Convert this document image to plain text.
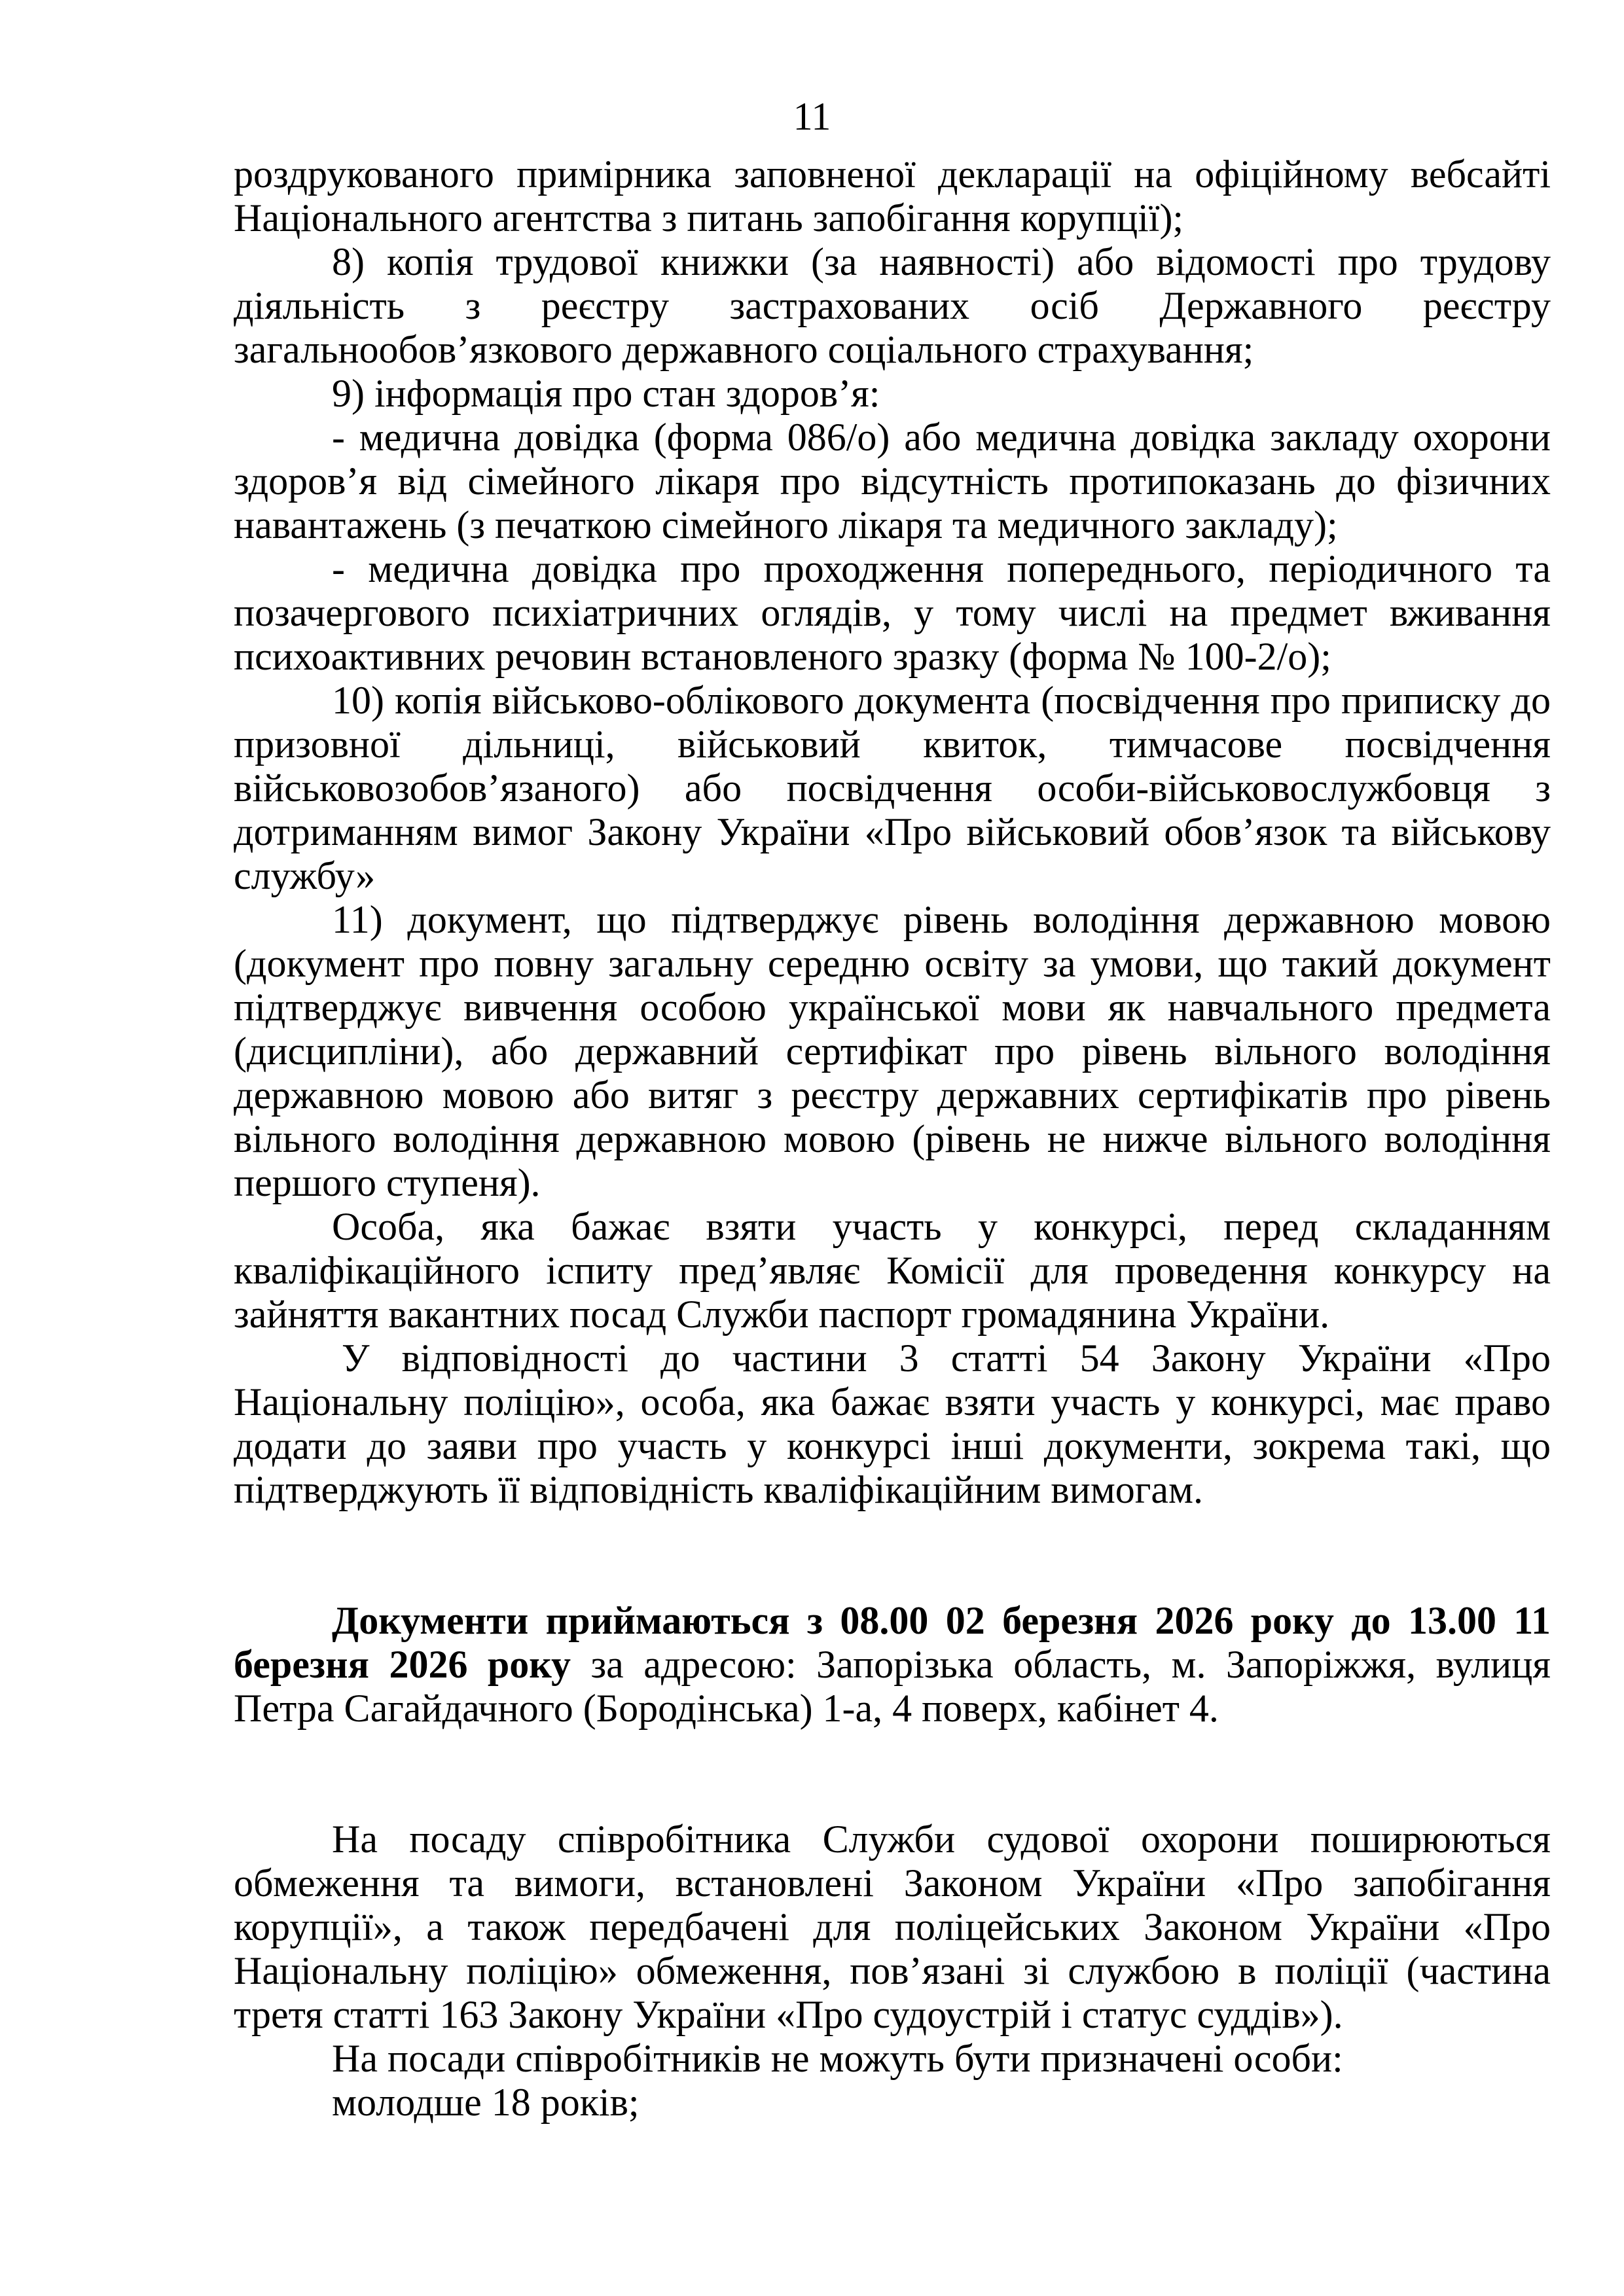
11

роздрукованого примірника заповненої декларації на офіційному вебсайті Національного агентства з питань запобігання корупції);

8) копія трудової книжки (за наявності) або відомості про трудову діяльність з реєстру застрахованих осіб Державного реєстру загальнообов’язкового державного соціального страхування;

9) інформація про стан здоров’я:

- медична довідка (форма 086/о) або медична довідка закладу охорони здоров’я від сімейного лікаря про відсутність протипоказань до фізичних навантажень (з печаткою сімейного лікаря та медичного закладу);

- медична довідка про проходження попереднього, періодичного та позачергового психіатричних оглядів, у тому числі на предмет вживання психоактивних речовин встановленого зразку (форма № 100-2/о);

10) копія військово-облікового документа (посвідчення про приписку до призовної дільниці, військовий квиток, тимчасове посвідчення військовозобов’язаного) або посвідчення особи-військовослужбовця з дотриманням вимог Закону України «Про військовий обов’язок та військову службу»

11) документ, що підтверджує рівень володіння державною мовою (документ про повну загальну середню освіту за умови, що такий документ підтверджує вивчення особою української мови як навчального предмета (дисципліни), або державний сертифікат про рівень вільного володіння державною мовою або витяг з реєстру державних сертифікатів про рівень вільного володіння державною мовою (рівень не нижче вільного володіння першого ступеня).

Особа, яка бажає взяти участь у конкурсі, перед складанням кваліфікаційного іспиту пред’являє Комісії для проведення конкурсу на зайняття вакантних посад Служби паспорт громадянина України.

У відповідності до частини 3 статті 54 Закону України «Про Національну поліцію», особа, яка бажає взяти участь у конкурсі, має право додати до заяви про участь у конкурсі інші документи, зокрема такі, що підтверджують її відповідність кваліфікаційним вимогам.

Документи приймаються з 08.00 02 березня 2026 року до 13.00 11 березня 2026 року за адресою: Запорізька область, м. Запоріжжя, вулиця Петра Сагайдачного (Бородінська) 1-а, 4 поверх, кабінет 4.

На посаду співробітника Служби судової охорони поширюються обмеження та вимоги, встановлені Законом України «Про запобігання корупції», а також передбачені для поліцейських Законом України «Про Національну поліцію» обмеження, пов’язані зі службою в поліції (частина третя статті 163 Закону України «Про судоустрій і статус суддів»).

На посади співробітників не можуть бути призначені особи:

молодше 18 років;
